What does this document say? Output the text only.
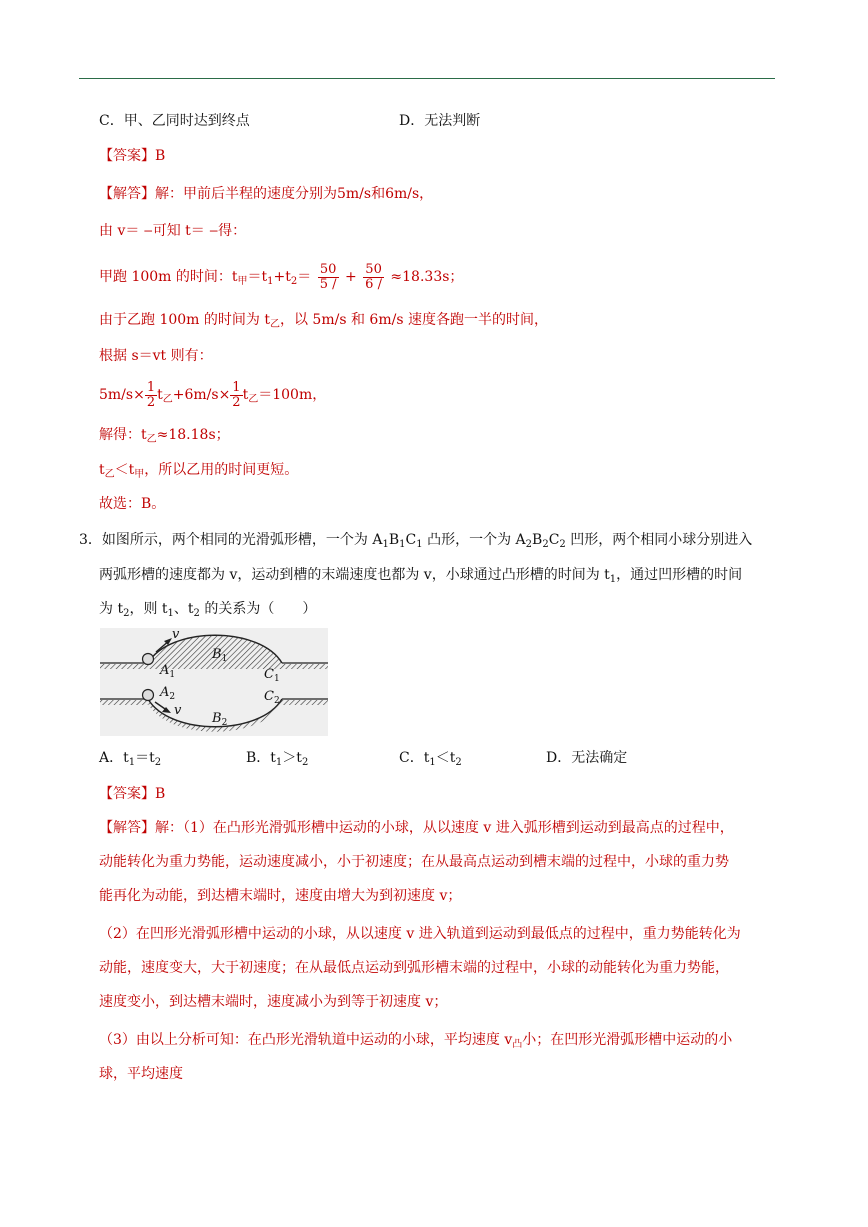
C．甲、乙同时达到终点	D．无法判断
【答案】B
【解答】解：甲前后半程的速度分别为5m/s和6m/s，
由 v＝ ‒可知 t＝ ‒得：
甲跑 100m 的时间：$t_甲=t_1+t_2= \frac{50}{5 /} + \frac{50}{6 /} \approx 18.33s$；
由于乙跑 100m 的时间为 $t_乙$，以 5m/s 和 6m/s 速度各跑一半的时间，
根据 s＝vt 则有：
$5m/s\times \frac{1}{2} t_乙+6m/s\times \frac{1}{2} t_乙=100m$，
解得：$t_乙\approx 18.18s$；
$t_乙<t_甲$，所以乙用的时间更短。
故选：B。
3．如图所示，两个相同的光滑弧形槽，一个为 $A_1B_1C_1$ 凸形，一个为 $A_2B_2C_2$ 凹形，两个相同小球分别进入
两弧形槽的速度都为 v，运动到槽的末端速度也都为 v，小球通过凸形槽的时间为 $t_1$，通过凹形槽的时间
为 $t_2$，则 $t_1$、$t_2$ 的关系为（　　）
v
$A_1$
$B_1$
$C_1$
$A_2$
v
$B_2$
$C_2$
A．$t_1=t_2$	B．$t_1>t_2$	C．$t_1<t_2$	D．无法确定
【答案】B
【解答】解：（1）在凸形光滑弧形槽中运动的小球，从以速度 v 进入弧形槽到运动到最高点的过程中，
动能转化为重力势能，运动速度减小，小于初速度；在从最高点运动到槽末端的过程中，小球的重力势
能再化为动能，到达槽末端时，速度由增大为到初速度 v；
（2）在凹形光滑弧形槽中运动的小球，从以速度 v 进入轨道到运动到最低点的过程中，重力势能转化为
动能，速度变大，大于初速度；在从最低点运动到弧形槽末端的过程中，小球的动能转化为重力势能，
速度变小，到达槽末端时，速度减小为到等于初速度 v；
（3）由以上分析可知：在凸形光滑轨道中运动的小球，平均速度 $v_凸$小；在凹形光滑弧形槽中运动的小
球，平均速度
